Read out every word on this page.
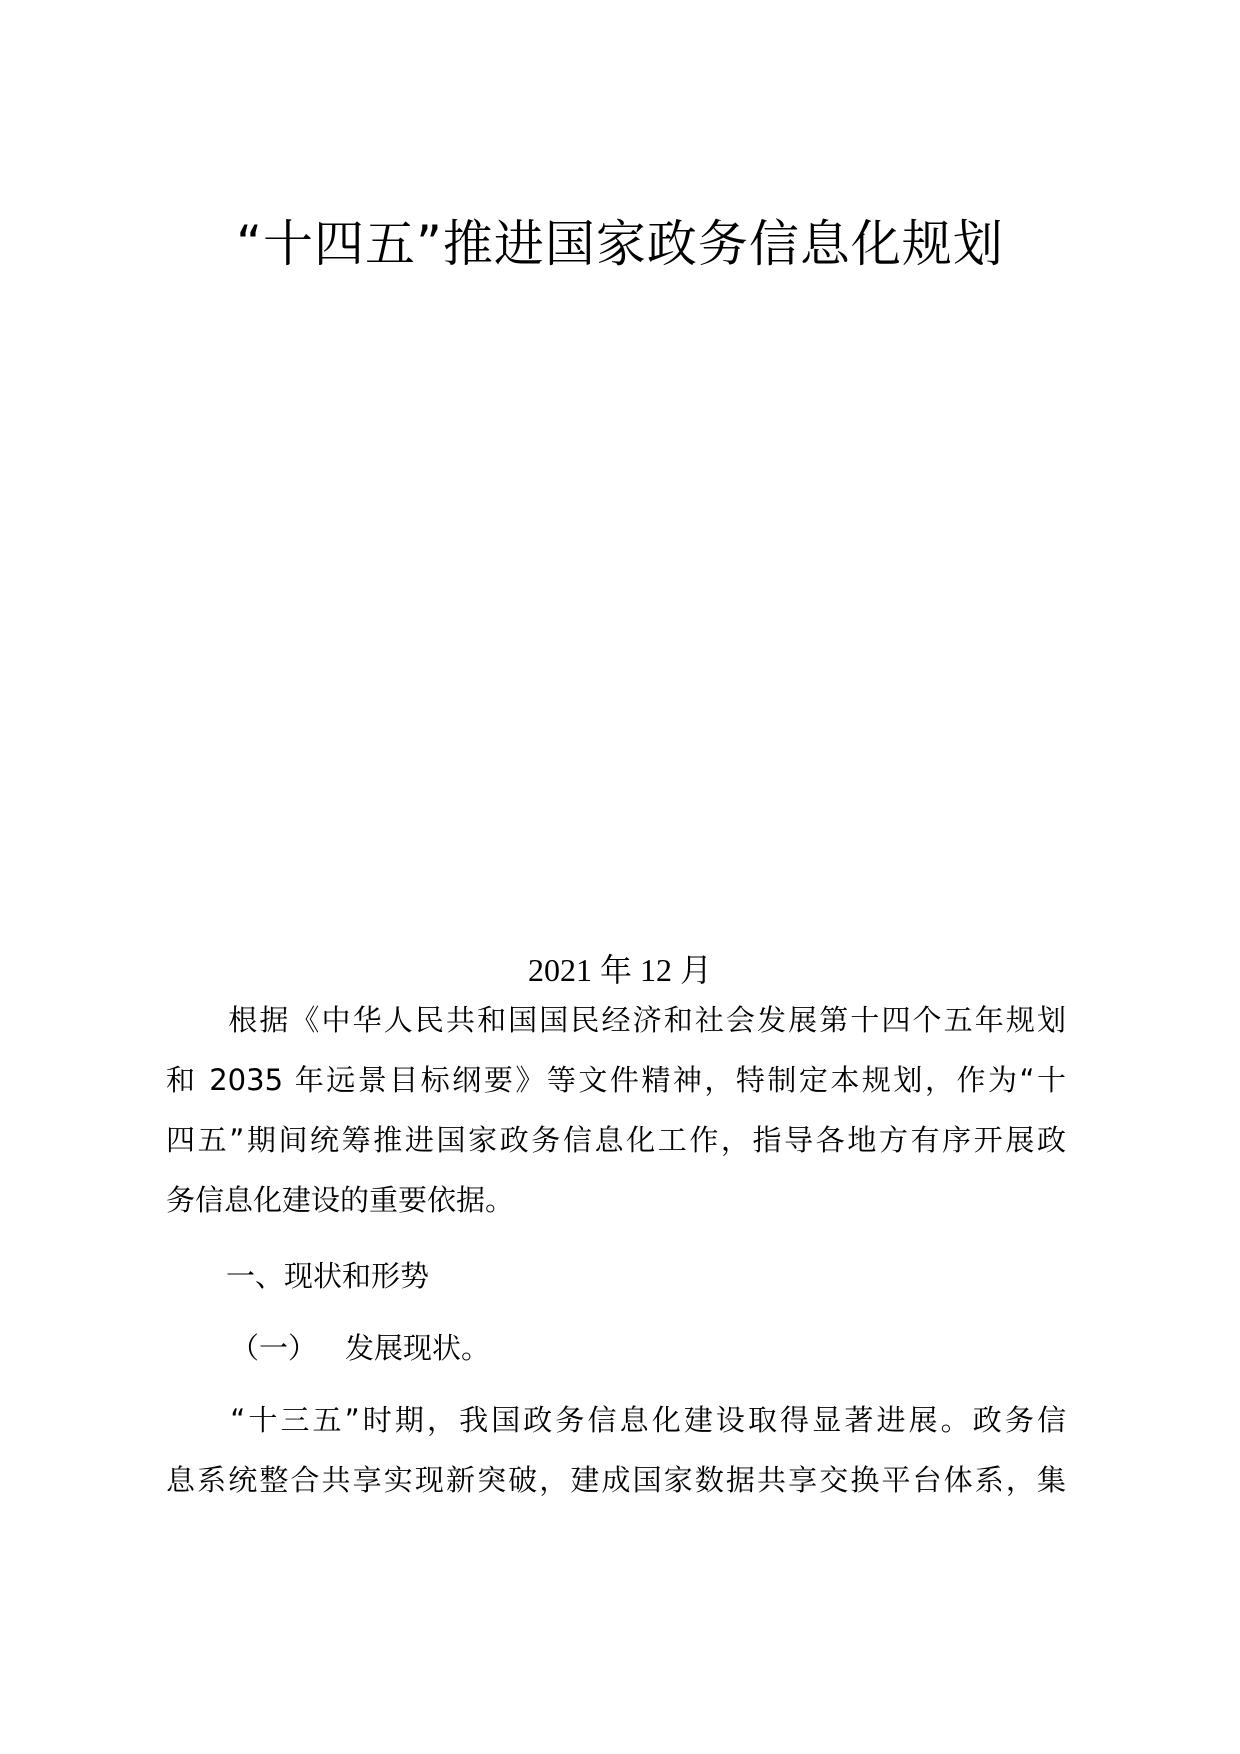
“十四五”推进国家政务信息化规划
2021 年 12 月
　　根据《中华人民共和国国民经济和社会发展第十四个五年规划
和 2035 年远景目标纲要》等文件精神，特制定本规划，作为“十
四五”期间统筹推进国家政务信息化工作，指导各地方有序开展政
务信息化建设的重要依据。
一、现状和形势
（一） 发展现状。
　　“十三五”时期，我国政务信息化建设取得显著进展。政务信
息系统整合共享实现新突破，建成国家数据共享交换平台体系，集
